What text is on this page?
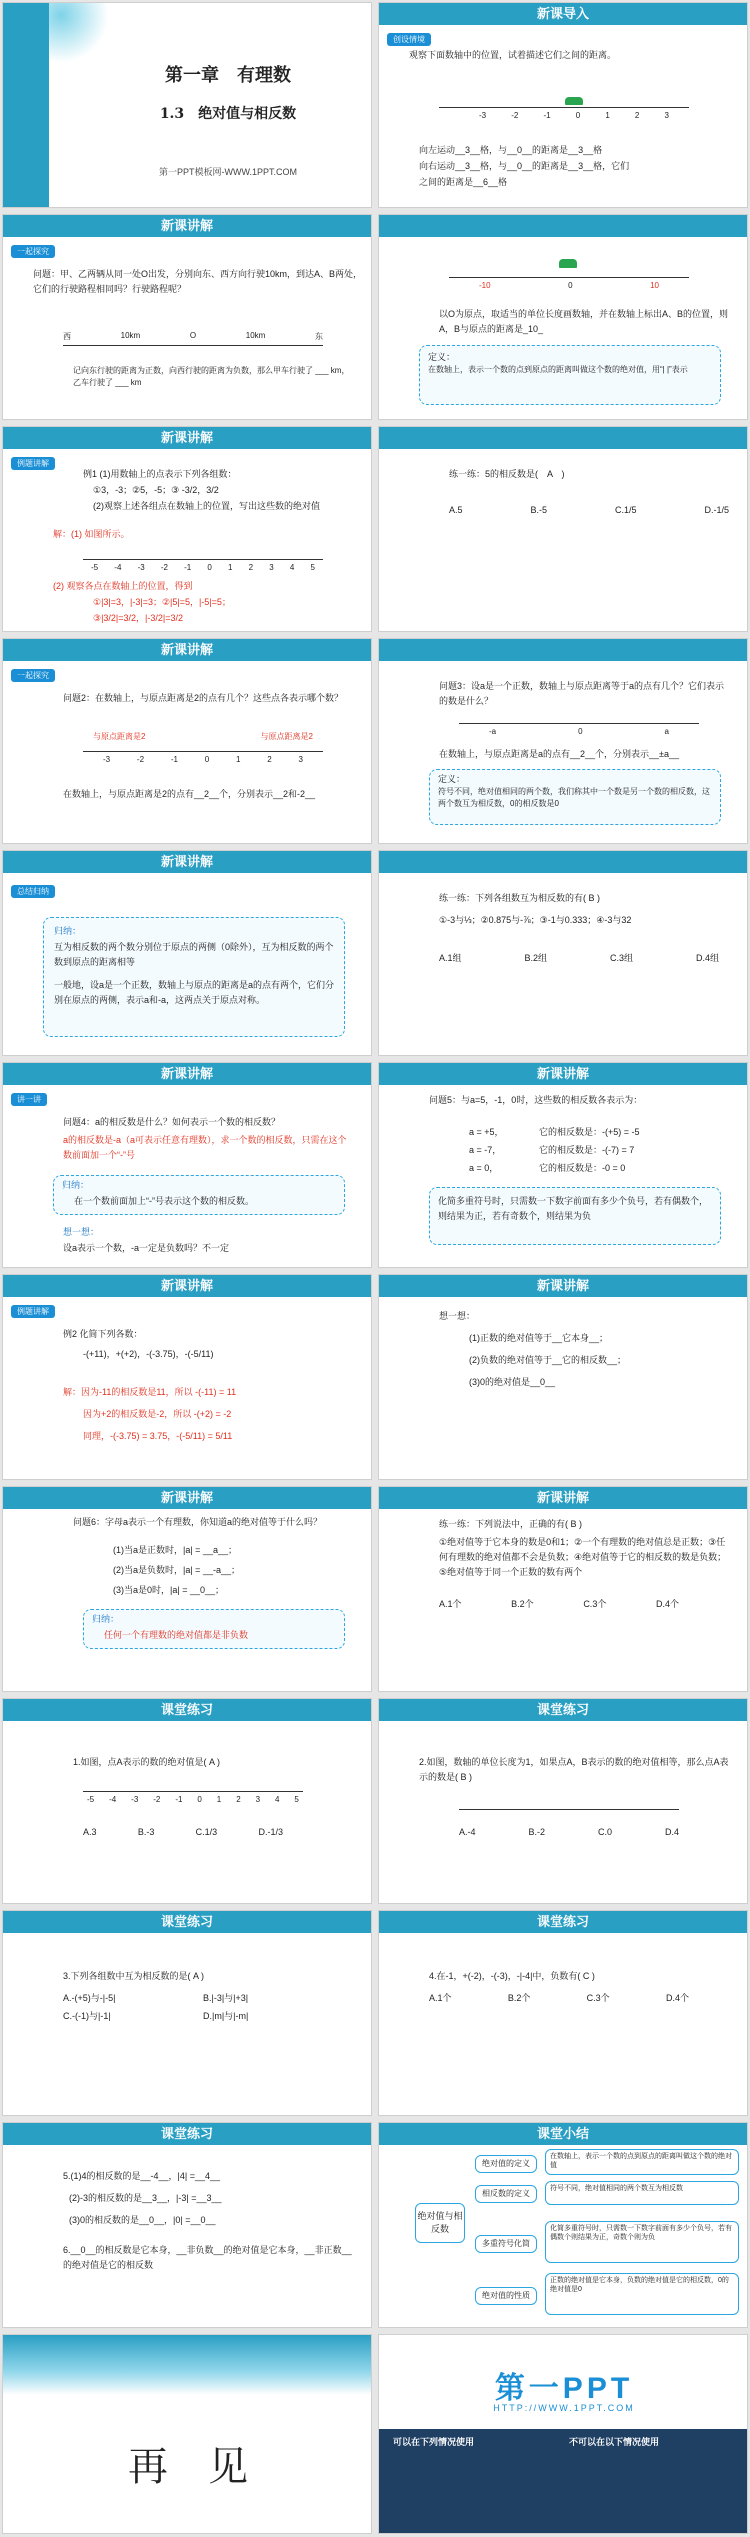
第一章　有理数
1.3　绝对值与相反数
第一PPT模板网-WWW.1PPT.COM
新课导入
创设情境
观察下面数轴中的位置，试着描述它们之间的距离。
-3	-2	-1	0	1	2	3
向左运动__3__格，与__0__的距离是__3__格
向右运动__3__格，与__0__的距离是__3__格，它们
之间的距离是__6__格
新课讲解
一起探究
问题：甲、乙两辆从同一处O出发，分别向东、西方向行驶10km，到达A、B两处，它们的行驶路程相同吗？行驶路程呢？
西	10km	O	10km	东
记向东行驶的距离为正数，向西行驶的距离为负数，那么甲车行驶了 ___ km，乙车行驶了 ___ km
-10	0	10
以O为原点，取适当的单位长度画数轴，并在数轴上标出A、B的位置，则A，B与原点的距离是_10_
定义：
在数轴上，表示一个数的点到原点的距离叫做这个数的绝对值，用“| |”表示
新课讲解
例题讲解
例1 (1)用数轴上的点表示下列各组数：
①3，-3；②5，-5；③ -3/2，3/2
(2)观察上述各组点在数轴上的位置，写出这些数的绝对值
解：(1) 如图所示。
-5 -4 -3 -2 -1 0 1 2 3 4 5
(2) 观察各点在数轴上的位置，得到
①|3|=3，|-3|=3；②|5|=5，|-5|=5；
③|3/2|=3/2，|-3/2|=3/2
练一练：5的相反数是(　A　)
A.5	B.-5	C.1/5	D.-1/5
新课讲解
一起探究
问题2：在数轴上，与原点距离是2的点有几个？这些点各表示哪个数？
与原点距离是2	与原点距离是2
-3	-2	-1	0	1	2	3
在数轴上，与原点距离是2的点有__2__个，分别表示__2和-2__
问题3：设a是一个正数，数轴上与原点距离等于a的点有几个？它们表示的数是什么？
-a	0	a
在数轴上，与原点距离是a的点有__2__个，分别表示__±a__
定义：
符号不同，绝对值相同的两个数，我们称其中一个数是另一个数的相反数，这两个数互为相反数，0的相反数是0
新课讲解
总结归纳
归纳：
互为相反数的两个数分别位于原点的两侧（0除外），互为相反数的两个数到原点的距离相等
一般地，设a是一个正数，数轴上与原点的距离是a的点有两个，它们分别在原点的两侧，表示a和-a，这两点关于原点对称。
练一练：下列各组数互为相反数的有( B )
①-3与⅓；②0.875与-⅞；③-1与0.333；④-3与32
A.1组	B.2组	C.3组	D.4组
新课讲解
讲一讲
问题4：a的相反数是什么？如何表示一个数的相反数？
a的相反数是-a（a可表示任意有理数），求一个数的相反数，只需在这个数前面加一个“-”号
归纳：
在一个数前面加上“-”号表示这个数的相反数。
想一想：
设a表示一个数，-a一定是负数吗？不一定
新课讲解
问题5：与a=5，-1，0时，这些数的相反数各表示为：
a = +5，	它的相反数是：-(+5) = -5
a = -7，	它的相反数是：-(-7) = 7
a = 0，	它的相反数是：-0 = 0
化简多重符号时，只需数一下数字前面有多少个负号，若有偶数个，则结果为正，若有奇数个，则结果为负
新课讲解
例题讲解
例2 化简下列各数：
-(+11)，+(+2)，-(-3.75)，-(-5/11)
解：因为-11的相反数是11，所以 -(-11) = 11
因为+2的相反数是-2，所以 -(+2) = -2
同理，-(-3.75) = 3.75，-(-5/11) = 5/11
新课讲解
想一想：
(1)正数的绝对值等于__它本身__；
(2)负数的绝对值等于__它的相反数__；
(3)0的绝对值是__0__
新课讲解
问题6：字母a表示一个有理数，你知道a的绝对值等于什么吗？
(1)当a是正数时，|a| = __a__；
(2)当a是负数时，|a| = __-a__；
(3)当a是0时，|a| = __0__；
归纳：
任何一个有理数的绝对值都是非负数
新课讲解
练一练：下列说法中，正确的有( B )
①绝对值等于它本身的数是0和1；②一个有理数的绝对值总是正数；③任何有理数的绝对值都不会是负数；④绝对值等于它的相反数的数是负数；⑤绝对值等于同一个正数的数有两个
A.1个	B.2个	C.3个	D.4个
课堂练习
1.如图，点A表示的数的绝对值是( A )
-5 -4 -3 -2 -1 0 1 2 3 4 5
A.3	B.-3	C.1/3	D.-1/3
课堂练习
2.如图，数轴的单位长度为1，如果点A，B表示的数的绝对值相等，那么点A表示的数是( B )
A.-4	B.-2	C.0	D.4
课堂练习
3.下列各组数中互为相反数的是( A )
A.-(+5)与-|-5|	B.|-3|与|+3|
C.-(-1)与|-1|	D.|m|与|-m|
课堂练习
4.在-1，+(-2)，-(-3)，-|-4|中，负数有( C )
A.1个	B.2个	C.3个	D.4个
课堂练习
5.(1)4的相反数的是__-4__，|4| =__4__
(2)-3的相反数的是__3__，|-3| =__3__
(3)0的相反数的是__0__，|0| =__0__
6.__0__的相反数是它本身，__非负数__的绝对值是它本身，__非正数__的绝对值是它的相反数
课堂小结
绝对值与相反数
绝对值的定义
相反数的定义
多重符号化简
绝对值的性质
在数轴上，表示一个数的点到原点的距离叫做这个数的绝对值
符号不同，绝对值相同的两个数互为相反数
化简多重符号时，只需数一下数字前面有多少个负号，若有偶数个则结果为正，奇数个则为负
正数的绝对值是它本身，负数的绝对值是它的相反数，0的绝对值是0
再　见
第一PPT
HTTP://WWW.1PPT.COM
可以在下列情况使用	不可以在以下情况使用
